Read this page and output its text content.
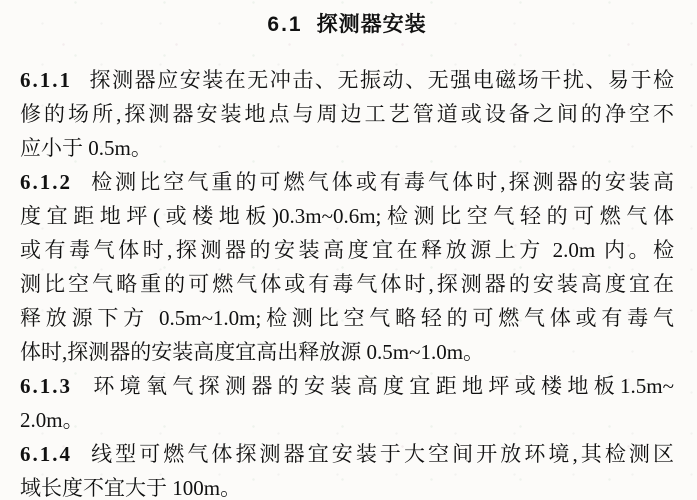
6.1 探测器安装
6.1.1 探测器应安装在无冲击、无振动、无强电磁场干扰、易于检
修的场所,探测器安装地点与周边工艺管道或设备之间的净空不
应小于 0.5m。
6.1.2 检测比空气重的可燃气体或有毒气体时,探测器的安装高
度宜距地坪(或楼地板)0.3m~0.6m;检测比空气轻的可燃气体
或有毒气体时,探测器的安装高度宜在释放源上方 2.0m 内。检
测比空气略重的可燃气体或有毒气体时,探测器的安装高度宜在
释放源下方 0.5m~1.0m;检测比空气略轻的可燃气体或有毒气
体时,探测器的安装高度宜高出释放源 0.5m~1.0m。
6.1.3 环境氧气探测器的安装高度宜距地坪或楼地板1.5m~
2.0m。
6.1.4 线型可燃气体探测器宜安装于大空间开放环境,其检测区
域长度不宜大于 100m。
